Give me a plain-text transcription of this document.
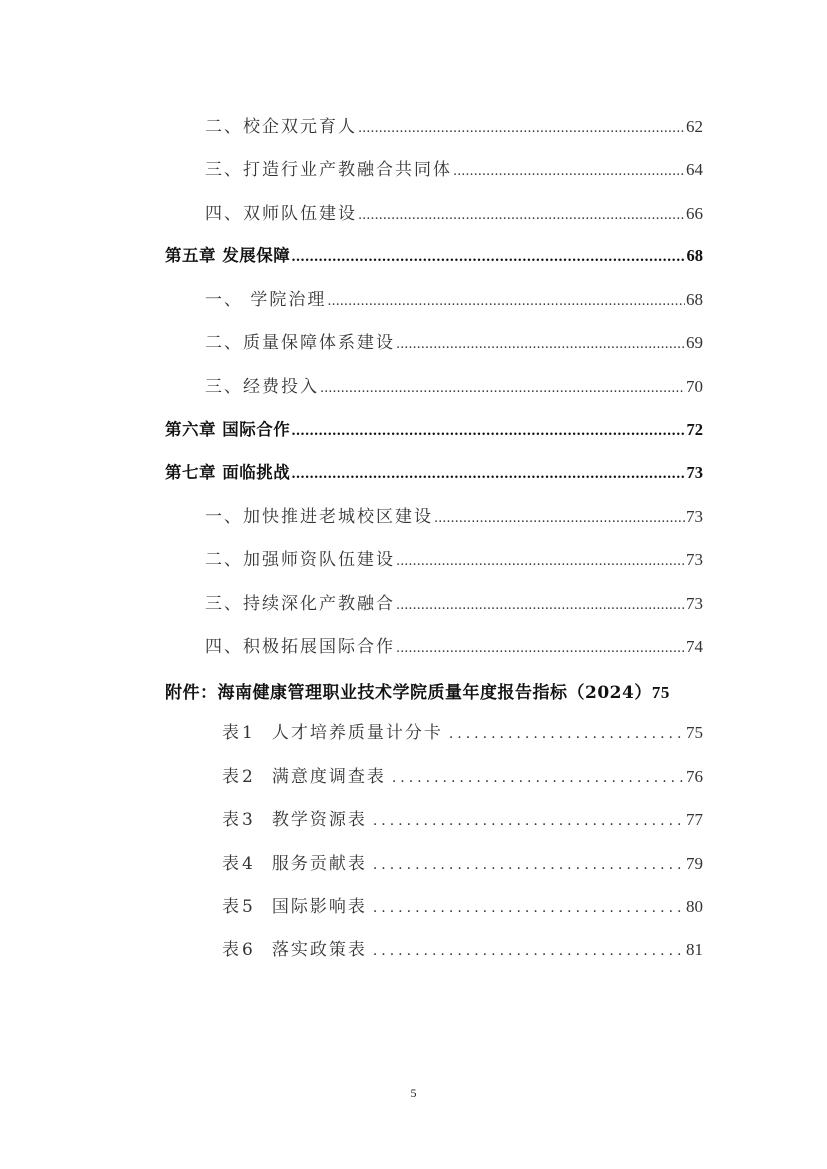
二、校企双元育人 .....	62
三、打造行业产教融合共同体 .....	64
四、双师队伍建设 .....	66
第五章 发展保障 .....	68
一、 学院治理 .....	68
二、质量保障体系建设 .....	69
三、经费投入 .....	70
第六章 国际合作 .....	72
第七章 面临挑战 .....	73
一、加快推进老城校区建设 .....	73
二、加强师资队伍建设 .....	73
三、持续深化产教融合 .....	73
四、积极拓展国际合作 .....	74
附件：海南健康管理职业技术学院质量年度报告指标（2024）75
表1 人才培养质量计分卡 .....	75
表2 满意度调查表 .....	76
表3 教学资源表 .....	77
表4 服务贡献表 .....	79
表5 国际影响表 .....	80
表6 落实政策表 .....	81
5
